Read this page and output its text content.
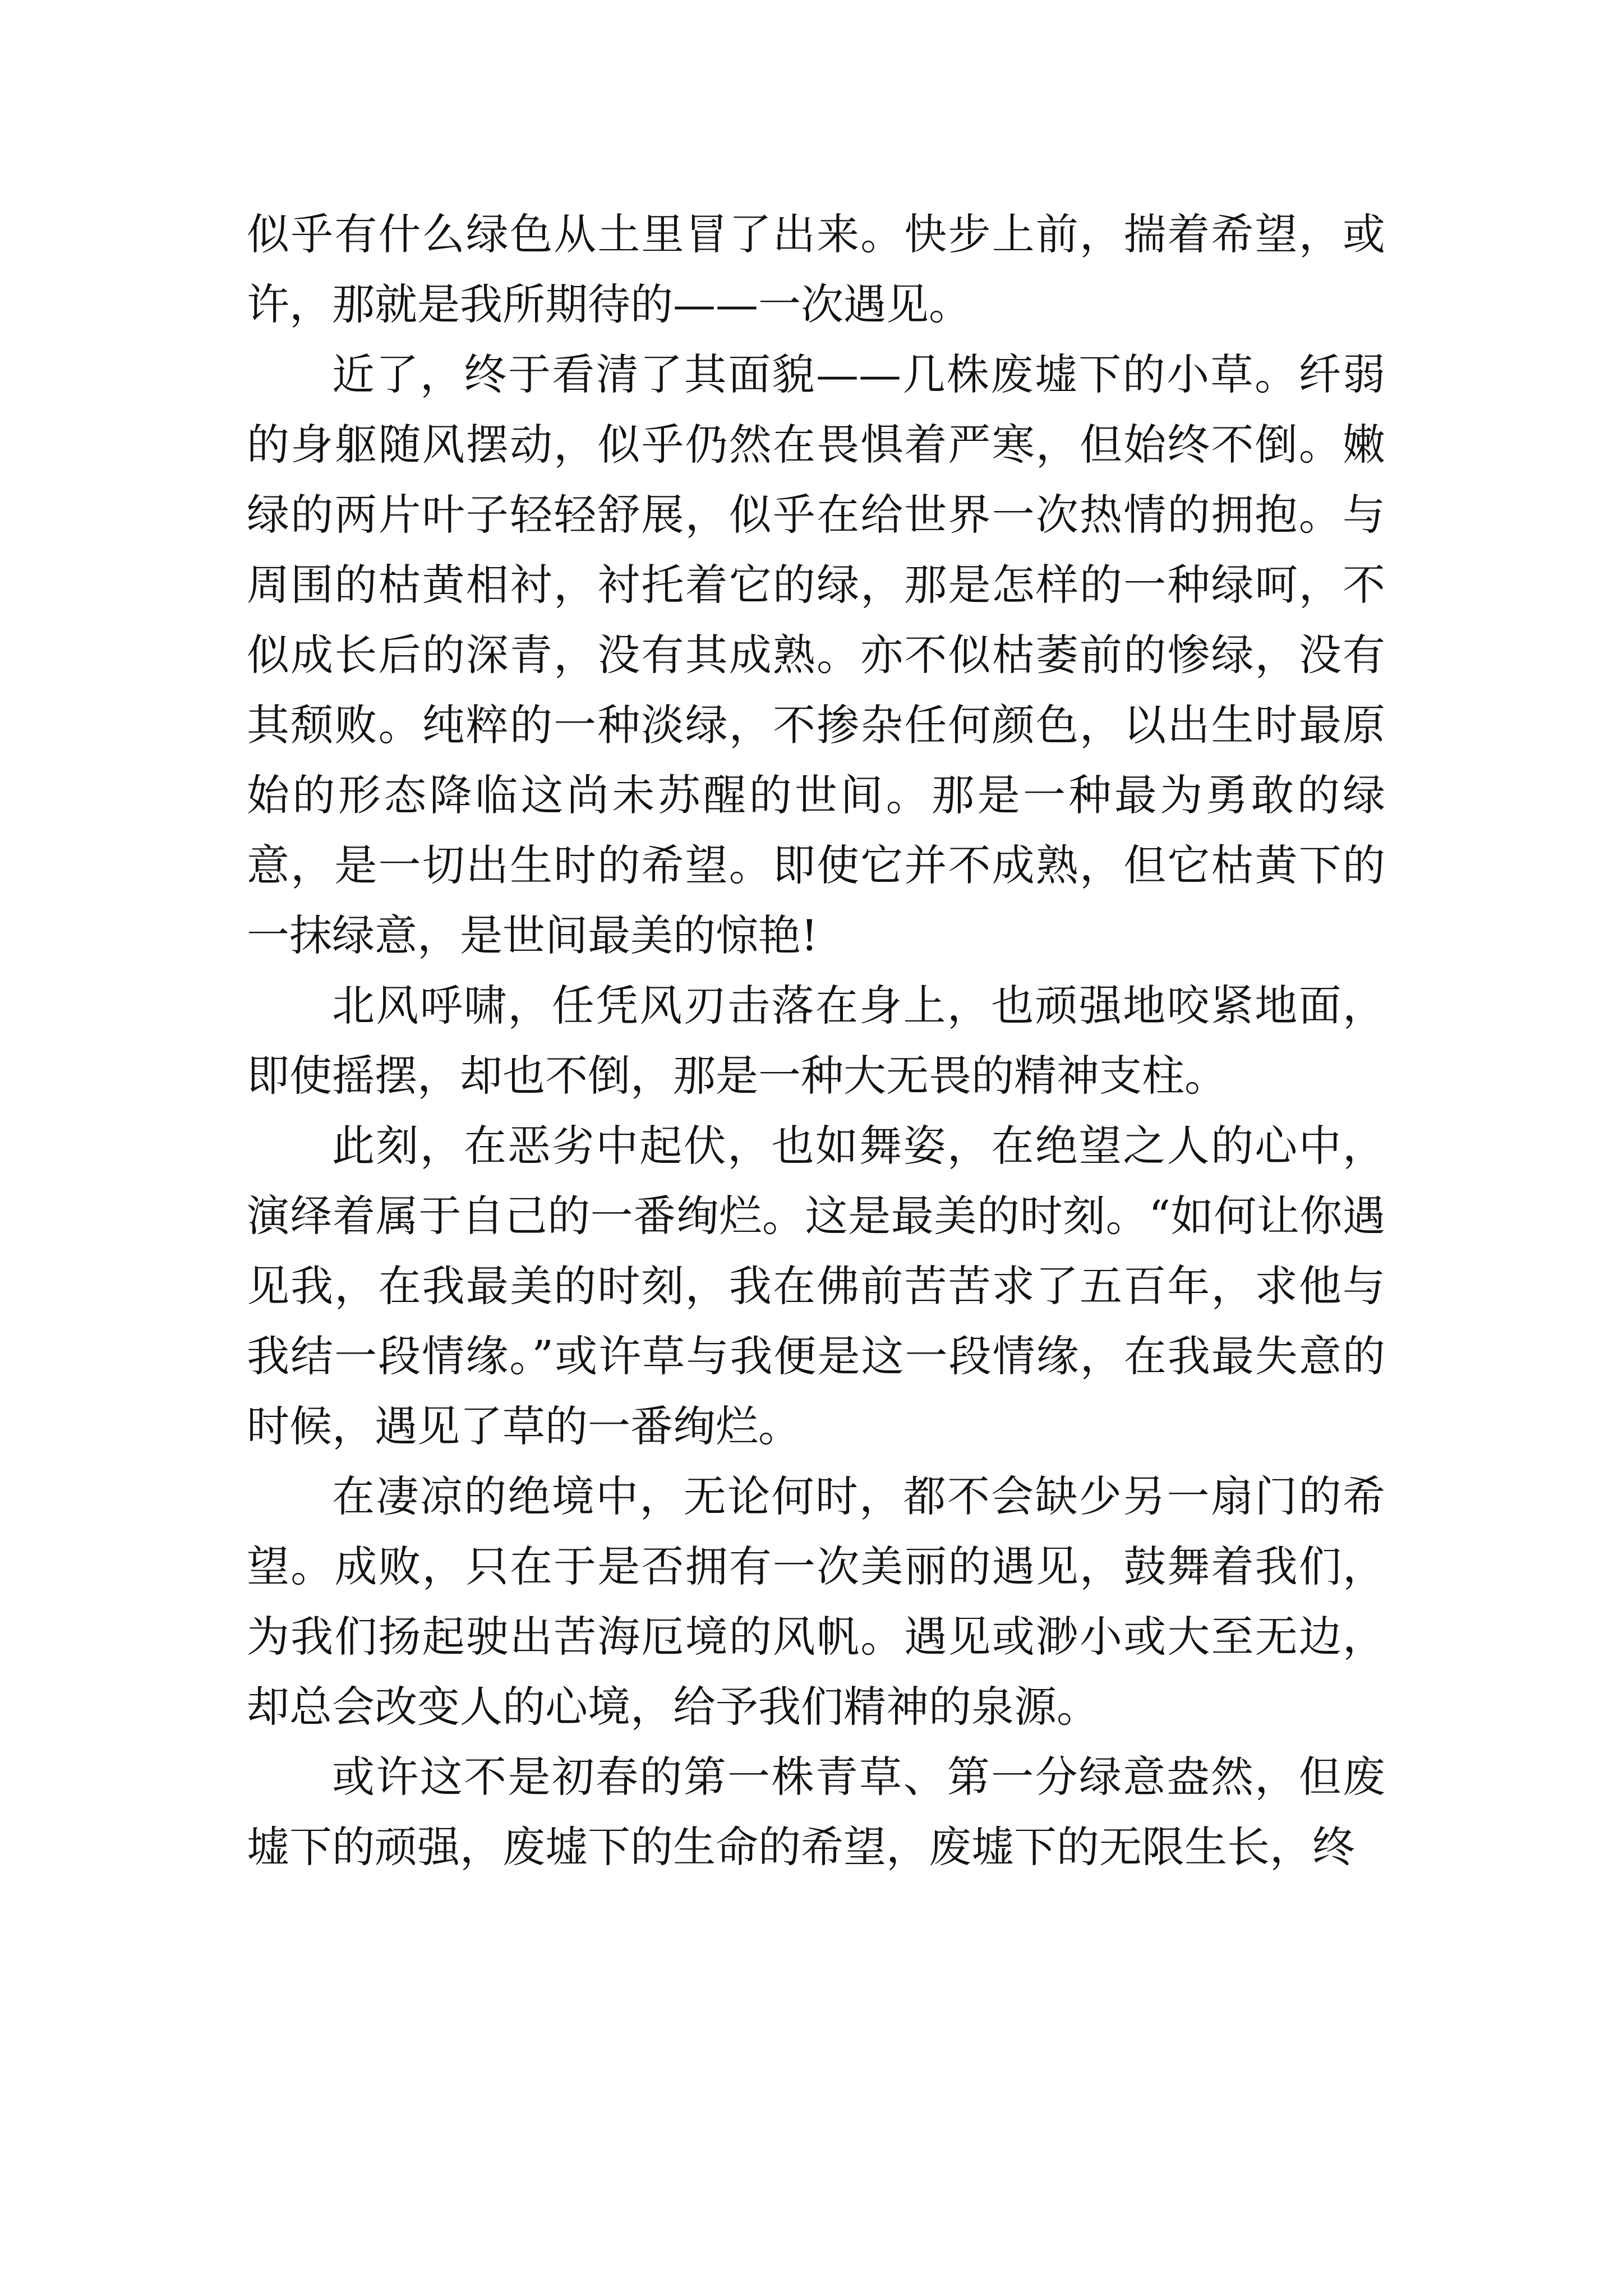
似乎有什么绿色从土里冒了出来。快步上前，揣着希望，或许，那就是我所期待的——一次遇见。

近了，终于看清了其面貌——几株废墟下的小草。纤弱的身躯随风摆动，似乎仍然在畏惧着严寒，但始终不倒。嫩绿的两片叶子轻轻舒展，似乎在给世界一次热情的拥抱。与周围的枯黄相衬，衬托着它的绿，那是怎样的一种绿呵，不似成长后的深青，没有其成熟。亦不似枯萎前的惨绿，没有其颓败。纯粹的一种淡绿，不掺杂任何颜色，以出生时最原始的形态降临这尚未苏醒的世间。那是一种最为勇敢的绿意，是一切出生时的希望。即使它并不成熟，但它枯黄下的一抹绿意，是世间最美的惊艳!

北风呼啸，任凭风刃击落在身上，也顽强地咬紧地面，即使摇摆，却也不倒，那是一种大无畏的精神支柱。

此刻，在恶劣中起伏，也如舞姿，在绝望之人的心中，演绎着属于自己的一番绚烂。这是最美的时刻。“如何让你遇见我，在我最美的时刻，我在佛前苦苦求了五百年，求他与我结一段情缘。”或许草与我便是这一段情缘，在我最失意的时候，遇见了草的一番绚烂。

在凄凉的绝境中，无论何时，都不会缺少另一扇门的希望。成败，只在于是否拥有一次美丽的遇见，鼓舞着我们，为我们扬起驶出苦海厄境的风帆。遇见或渺小或大至无边，却总会改变人的心境，给予我们精神的泉源。

或许这不是初春的第一株青草、第一分绿意盎然，但废墟下的顽强，废墟下的生命的希望，废墟下的无限生长，终
